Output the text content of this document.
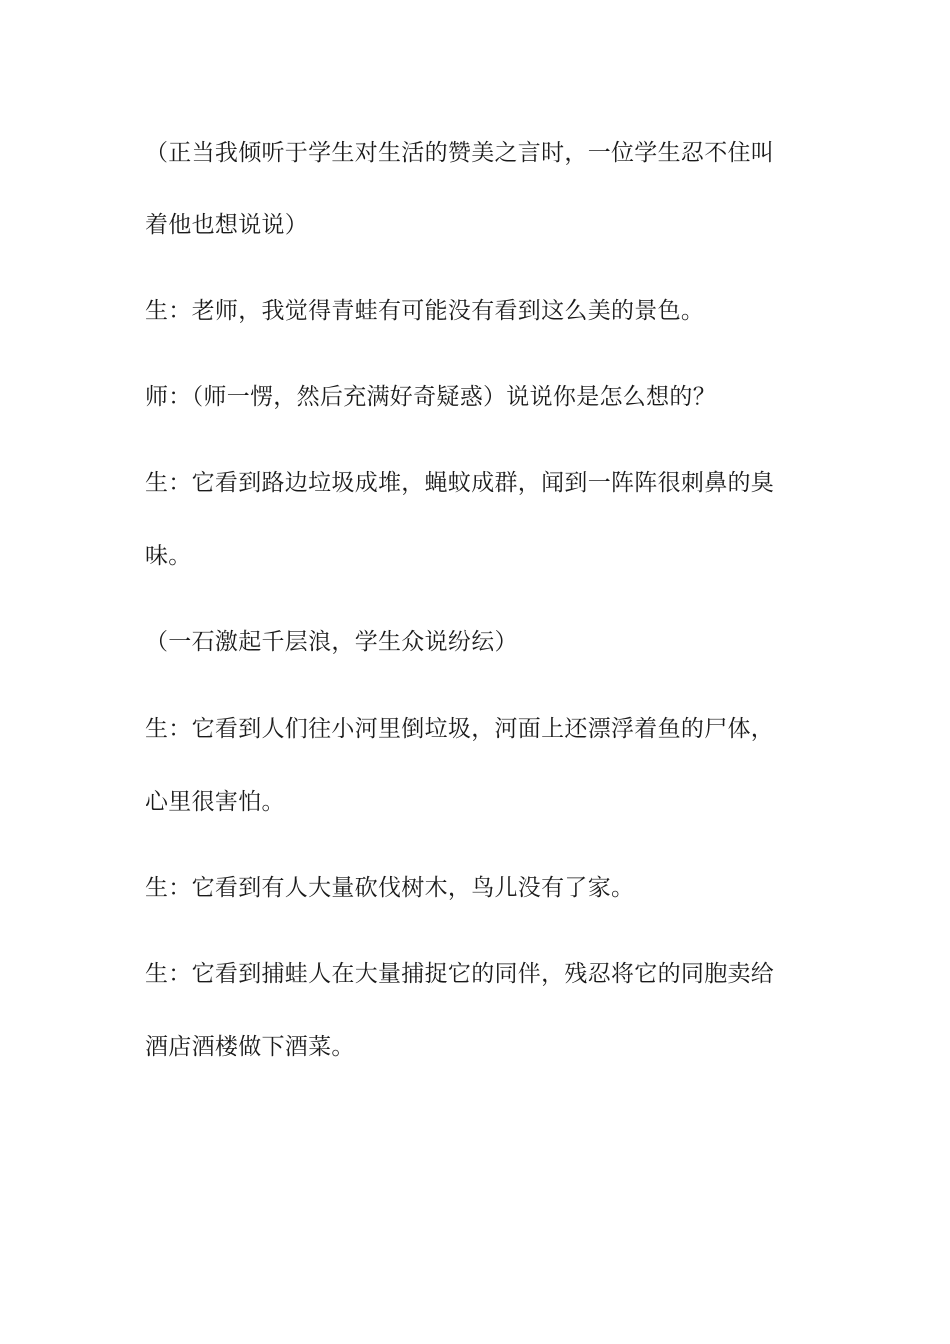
（正当我倾听于学生对生活的赞美之言时，一位学生忍不住叫

着他也想说说）

生：老师，我觉得青蛙有可能没有看到这么美的景色。

师：（师一愣，然后充满好奇疑惑）说说你是怎么想的？

生：它看到路边垃圾成堆，蝇蚊成群，闻到一阵阵很刺鼻的臭

味。

（一石激起千层浪，学生众说纷纭）

生：它看到人们往小河里倒垃圾，河面上还漂浮着鱼的尸体，

心里很害怕。

生：它看到有人大量砍伐树木，鸟儿没有了家。

生：它看到捕蛙人在大量捕捉它的同伴，残忍将它的同胞卖给

酒店酒楼做下酒菜。
